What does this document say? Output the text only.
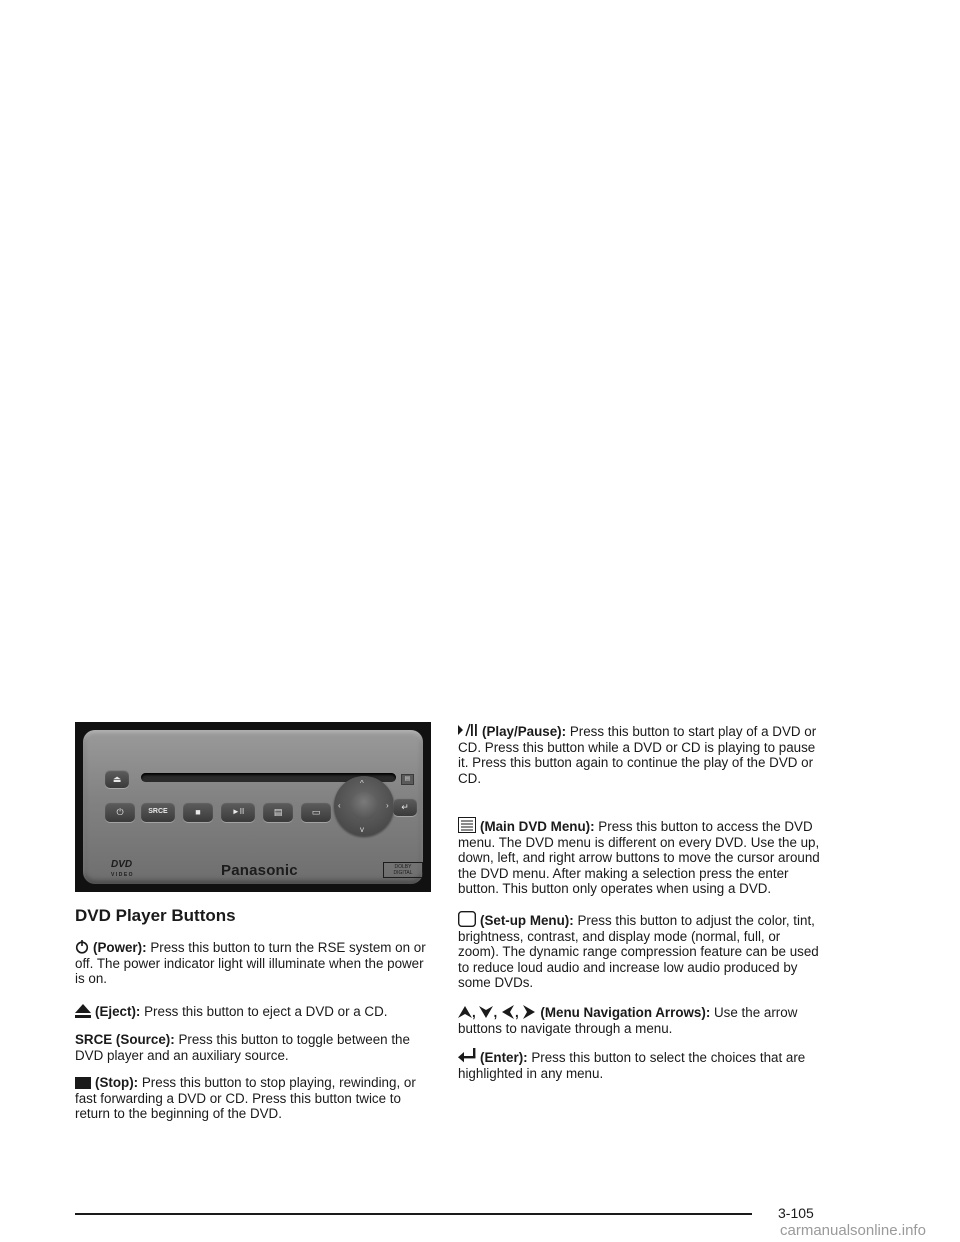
⏏	▤
⏻	SRCE	■	►II	▤	▭
^
v
‹	›	↵
DVD
VIDEO	Panasonic	DOLBY DIGITAL
DVD Player Buttons

(Power): Press this button to turn the RSE system on or off. The power indicator light will illuminate when the power is on.

(Eject): Press this button to eject a DVD or a CD.

SRCE (Source): Press this button to toggle between the DVD player and an auxiliary source.

(Stop): Press this button to stop playing, rewinding, or fast forwarding a DVD or CD. Press this button twice to return to the beginning of the DVD.

(Play/Pause): Press this button to start play of a DVD or CD. Press this button while a DVD or CD is playing to pause it. Press this button again to continue the play of the DVD or CD.

(Main DVD Menu): Press this button to access the DVD menu. The DVD menu is different on every DVD. Use the up, down, left, and right arrow buttons to move the cursor around the DVD menu. After making a selection press the enter button. This button only operates when using a DVD.

(Set-up Menu): Press this button to adjust the color, tint, brightness, contrast, and display mode (normal, full, or zoom). The dynamic range compression feature can be used to reduce loud audio and increase low audio produced by some DVDs.

, , , (Menu Navigation Arrows): Use the arrow buttons to navigate through a menu.

(Enter): Press this button to select the choices that are highlighted in any menu.

3-105
carmanualsonline.info
